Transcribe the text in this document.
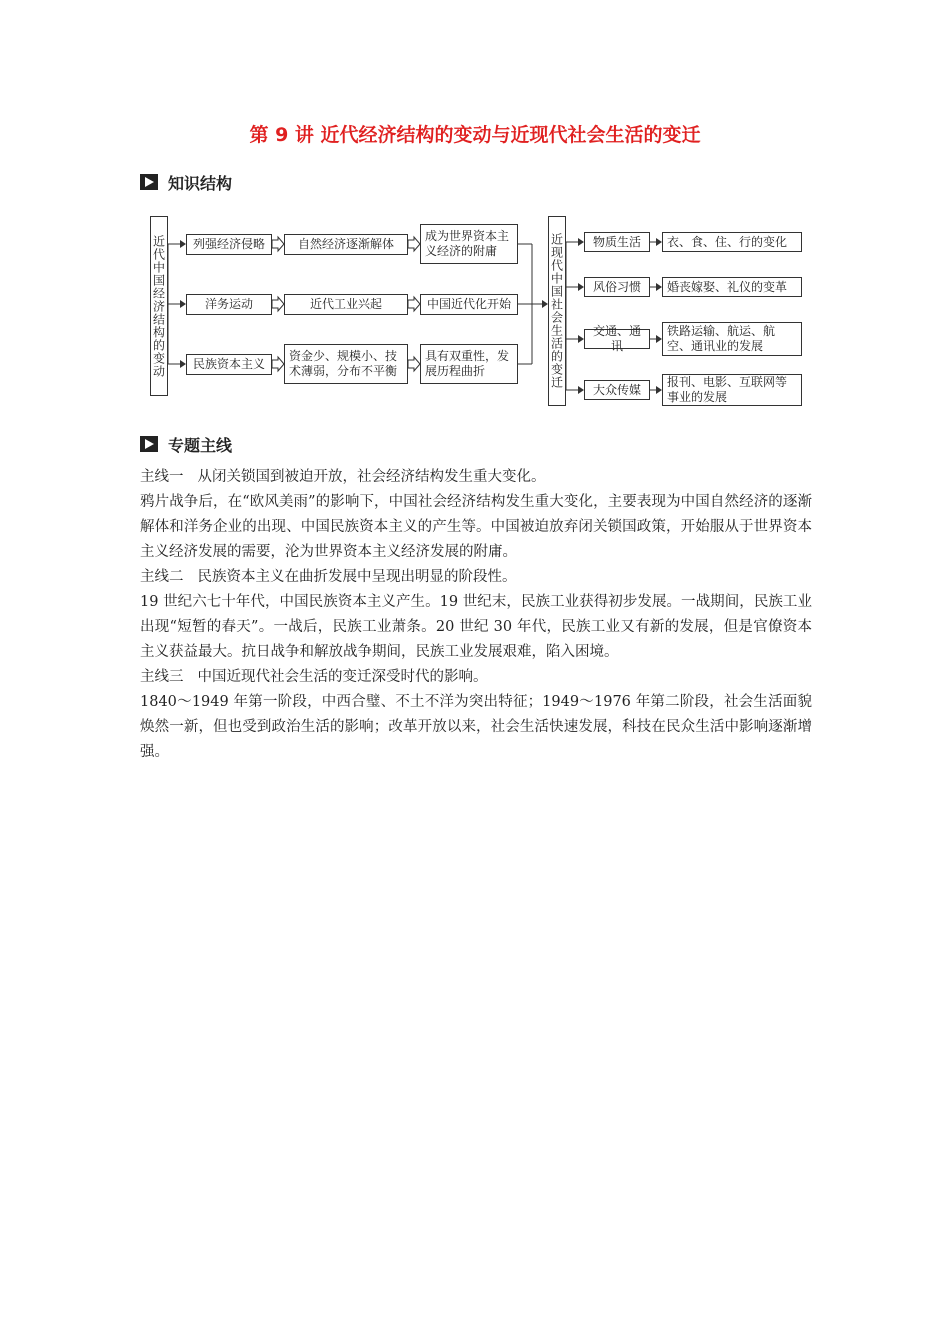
第 9 讲 近代经济结构的变动与近现代社会生活的变迁
知识结构
近代中国经济结构的变动	列强经济侵略
洋务运动
民族资本主义
自然经济逐渐解体
近代工业兴起
资金少、规模小、技术薄弱，分布不平衡
成为世界资本主义经济的附庸
中国近代化开始
具有双重性，发展历程曲折	近现代中国社会生活的变迁	物质生活
风俗习惯
交通、通讯
大众传媒
衣、食、住、行的变化
婚丧嫁娶、礼仪的变革
铁路运输、航运、航空、通讯业的发展
报刊、电影、互联网等事业的发展
专题主线

主线一 从闭关锁国到被迫开放，社会经济结构发生重大变化。

鸦片战争后，在“欧风美雨”的影响下，中国社会经济结构发生重大变化，主要表现为中国自然经济的逐渐解体和洋务企业的出现、中国民族资本主义的产生等。中国被迫放弃闭关锁国政策，开始服从于世界资本主义经济发展的需要，沦为世界资本主义经济发展的附庸。

主线二 民族资本主义在曲折发展中呈现出明显的阶段性。

19 世纪六七十年代，中国民族资本主义产生。19 世纪末，民族工业获得初步发展。一战期间，民族工业出现“短暂的春天”。一战后，民族工业萧条。20 世纪 30 年代，民族工业又有新的发展，但是官僚资本主义获益最大。抗日战争和解放战争期间，民族工业发展艰难，陷入困境。

主线三 中国近现代社会生活的变迁深受时代的影响。

1840～1949 年第一阶段，中西合璧、不土不洋为突出特征；1949～1976 年第二阶段，社会生活面貌焕然一新，但也受到政治生活的影响；改革开放以来，社会生活快速发展，科技在民众生活中影响逐渐增强。
